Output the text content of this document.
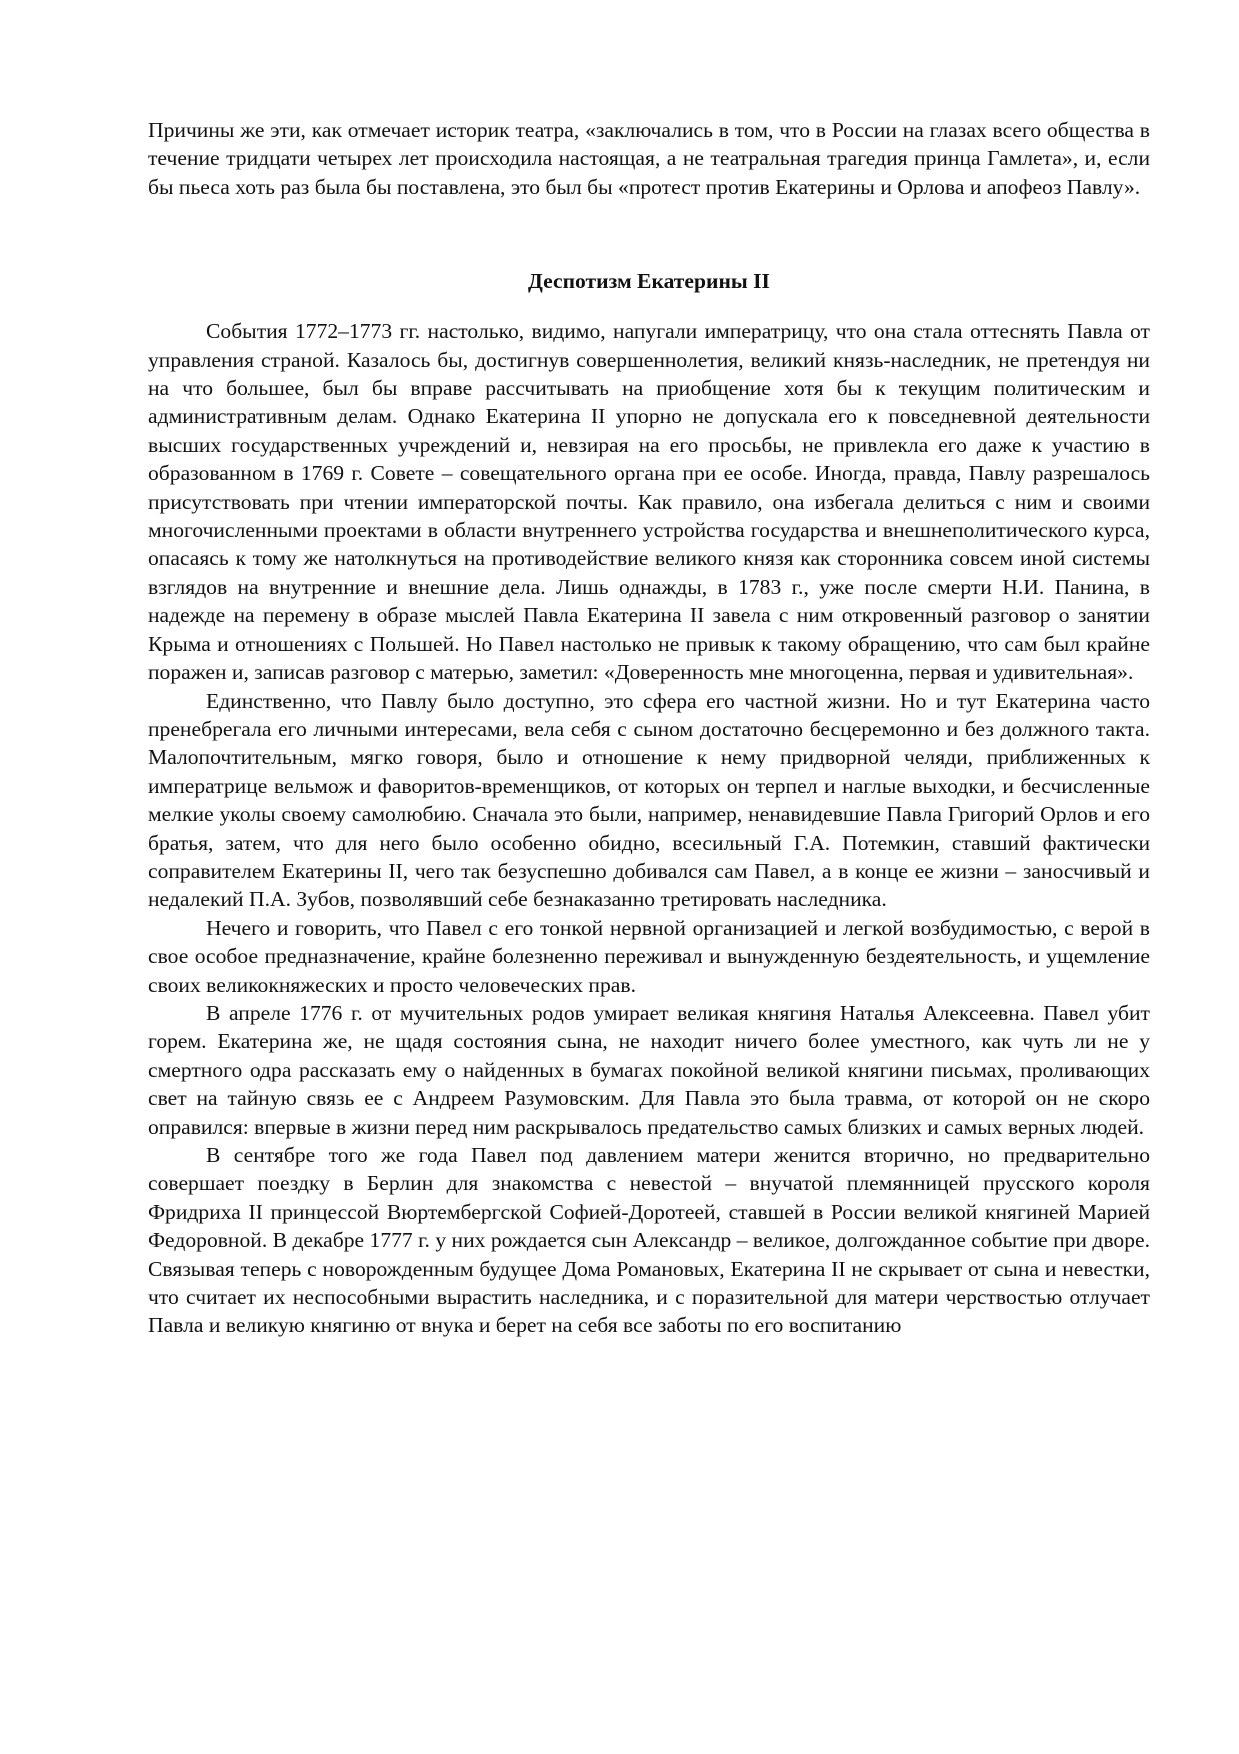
Причины же эти, как отмечает историк театра, «заключались в том, что в России на глазах всего общества в течение тридцати четырех лет происходила настоящая, а не театральная трагедия принца Гамлета», и, если бы пьеса хоть раз была бы поставлена, это был бы «протест против Екатерины и Орлова и апофеоз Павлу».

Деспотизм Екатерины II

События 1772–1773 гг. настолько, видимо, напугали императрицу, что она стала оттеснять Павла от управления страной. Казалось бы, достигнув совершеннолетия, великий князь-наследник, не претендуя ни на что большее, был бы вправе рассчитывать на приобщение хотя бы к текущим политическим и административным делам. Однако Екатерина II упорно не допускала его к повседневной деятельности высших государственных учреждений и, невзирая на его просьбы, не привлекла его даже к участию в образованном в 1769 г. Совете – совещательного органа при ее особе. Иногда, правда, Павлу разрешалось присутствовать при чтении императорской почты. Как правило, она избегала делиться с ним и своими многочисленными проектами в области внутреннего устройства государства и внешнеполитического курса, опасаясь к тому же натолкнуться на противодействие великого князя как сторонника совсем иной системы взглядов на внутренние и внешние дела. Лишь однажды, в 1783 г., уже после смерти Н.И. Панина, в надежде на перемену в образе мыслей Павла Екатерина II завела с ним откровенный разговор о занятии Крыма и отношениях с Польшей. Но Павел настолько не привык к такому обращению, что сам был крайне поражен и, записав разговор с матерью, заметил: «Доверенность мне многоценна, первая и удивительная».

Единственно, что Павлу было доступно, это сфера его частной жизни. Но и тут Екатерина часто пренебрегала его личными интересами, вела себя с сыном достаточно бесцеремонно и без должного такта. Малопочтительным, мягко говоря, было и отношение к нему придворной челяди, приближенных к императрице вельмож и фаворитов-временщиков, от которых он терпел и наглые выходки, и бесчисленные мелкие уколы своему самолюбию. Сначала это были, например, ненавидевшие Павла Григорий Орлов и его братья, затем, что для него было особенно обидно, всесильный Г.А. Потемкин, ставший фактически соправителем Екатерины II, чего так безуспешно добивался сам Павел, а в конце ее жизни – заносчивый и недалекий П.А. Зубов, позволявший себе безнаказанно третировать наследника.

Нечего и говорить, что Павел с его тонкой нервной организацией и легкой возбудимостью, с верой в свое особое предназначение, крайне болезненно переживал и вынужденную бездеятельность, и ущемление своих великокняжеских и просто человеческих прав.

В апреле 1776 г. от мучительных родов умирает великая княгиня Наталья Алексеевна. Павел убит горем. Екатерина же, не щадя состояния сына, не находит ничего более уместного, как чуть ли не у смертного одра рассказать ему о найденных в бумагах покойной великой княгини письмах, проливающих свет на тайную связь ее с Андреем Разумовским. Для Павла это была травма, от которой он не скоро оправился: впервые в жизни перед ним раскрывалось предательство самых близких и самых верных людей.

В сентябре того же года Павел под давлением матери женится вторично, но предварительно совершает поездку в Берлин для знакомства с невестой – внучатой племянницей прусского короля Фридриха II принцессой Вюртембергской Софией-Доротеей, ставшей в России великой княгиней Марией Федоровной. В декабре 1777 г. у них рождается сын Александр – великое, долгожданное событие при дворе. Связывая теперь с новорожденным будущее Дома Романовых, Екатерина II не скрывает от сына и невестки, что считает их неспособными вырастить наследника, и с поразительной для матери черствостью отлучает Павла и великую княгиню от внука и берет на себя все заботы по его воспитанию
